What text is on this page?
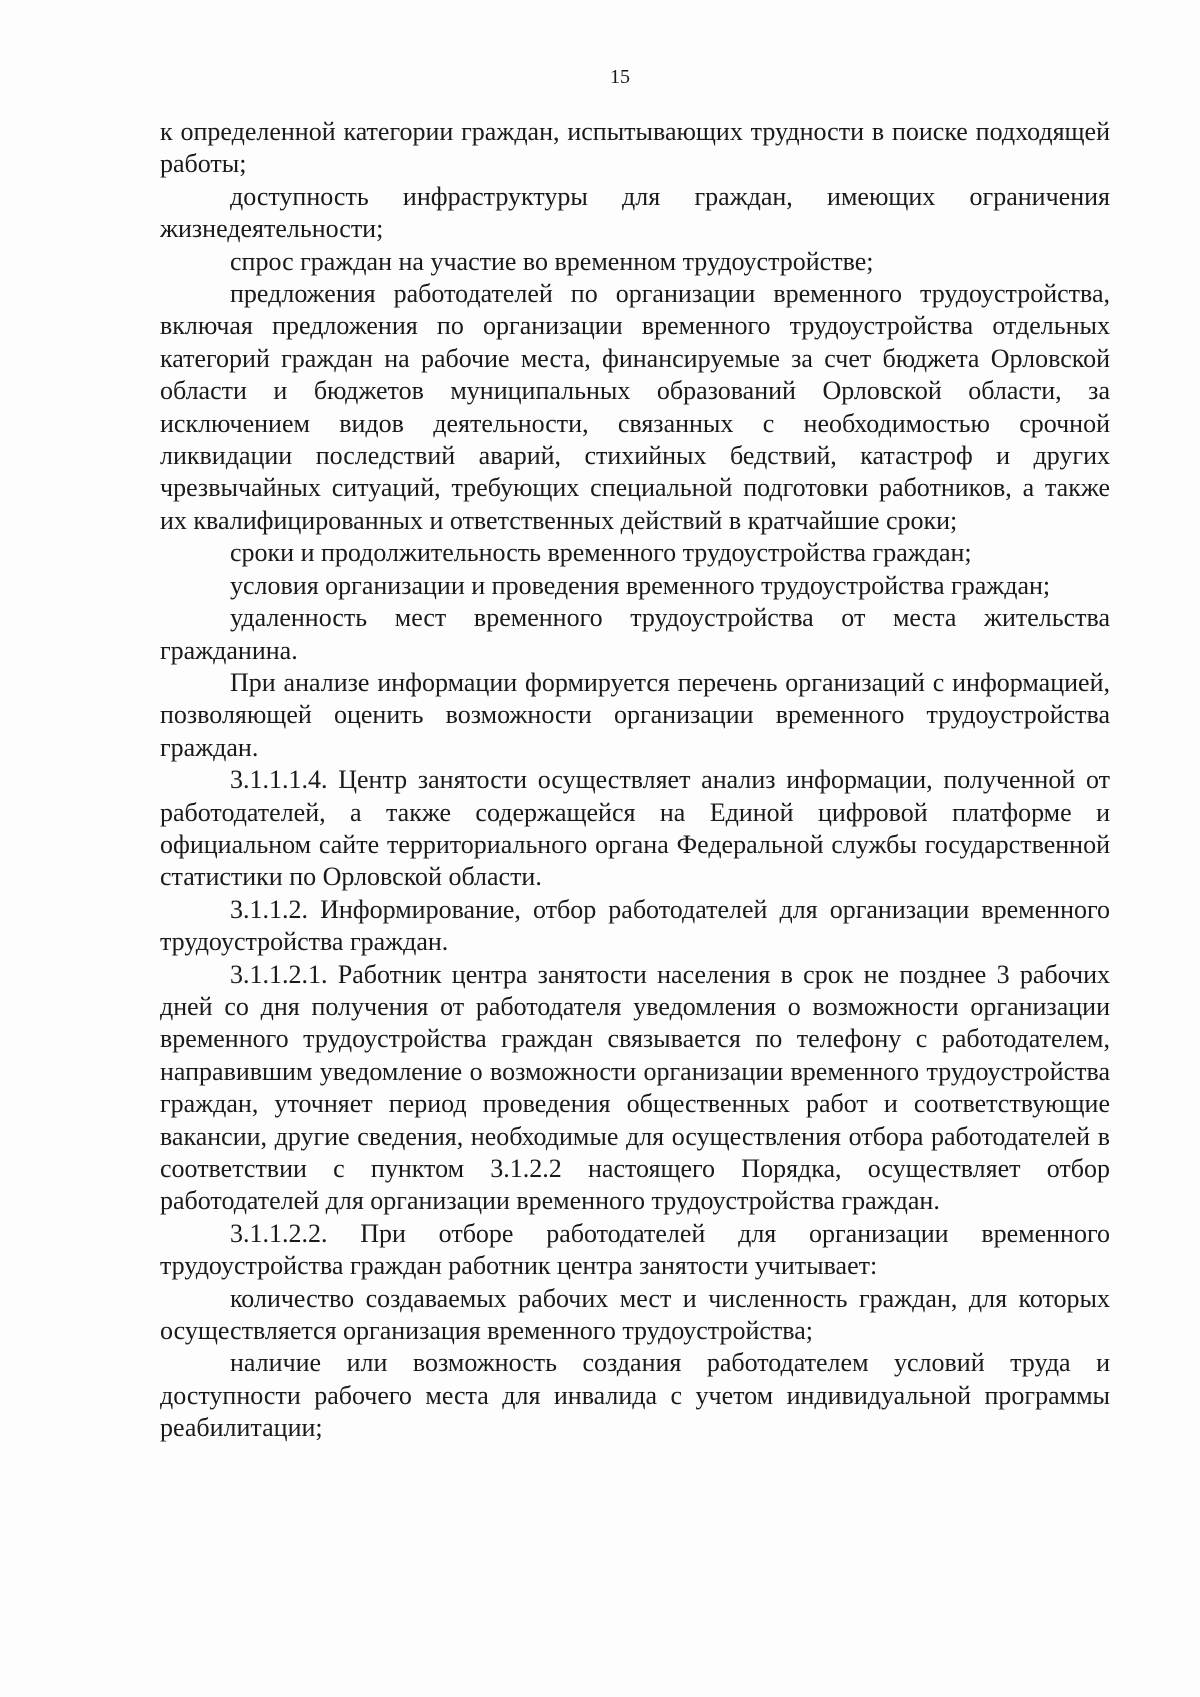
15

к определенной категории граждан, испытывающих трудности в поиске подходящей работы;

доступность инфраструктуры для граждан, имеющих ограничения жизнедеятельности;

спрос граждан на участие во временном трудоустройстве;

предложения работодателей по организации временного трудоустройства, включая предложения по организации временного трудоустройства отдельных категорий граждан на рабочие места, финансируемые за счет бюджета Орловской области и бюджетов муниципальных образований Орловской области, за исключением видов деятельности, связанных с необходимостью срочной ликвидации последствий аварий, стихийных бедствий, катастроф и других чрезвычайных ситуаций, требующих специальной подготовки работников, а также их квалифицированных и ответственных действий в кратчайшие сроки;

сроки и продолжительность временного трудоустройства граждан;

условия организации и проведения временного трудоустройства граждан;

удаленность мест временного трудоустройства от места жительства гражданина.

При анализе информации формируется перечень организаций с информацией, позволяющей оценить возможности организации временного трудоустройства граждан.

3.1.1.1.4. Центр занятости осуществляет анализ информации, полученной от работодателей, а также содержащейся на Единой цифровой платформе и официальном сайте территориального органа Федеральной службы государственной статистики по Орловской области.

3.1.1.2. Информирование, отбор работодателей для организации временного трудоустройства граждан.

3.1.1.2.1. Работник центра занятости населения в срок не позднее 3 рабочих дней со дня получения от работодателя уведомления о возможности организации временного трудоустройства граждан связывается по телефону с работодателем, направившим уведомление о возможности организации временного трудоустройства граждан, уточняет период проведения общественных работ и соответствующие вакансии, другие сведения, необходимые для осуществления отбора работодателей в соответствии с пунктом 3.1.2.2 настоящего Порядка, осуществляет отбор работодателей для организации временного трудоустройства граждан.

3.1.1.2.2. При отборе работодателей для организации временного трудоустройства граждан работник центра занятости учитывает:

количество создаваемых рабочих мест и численность граждан, для которых осуществляется организация временного трудоустройства;

наличие или возможность создания работодателем условий труда и доступности рабочего места для инвалида с учетом индивидуальной программы реабилитации;
